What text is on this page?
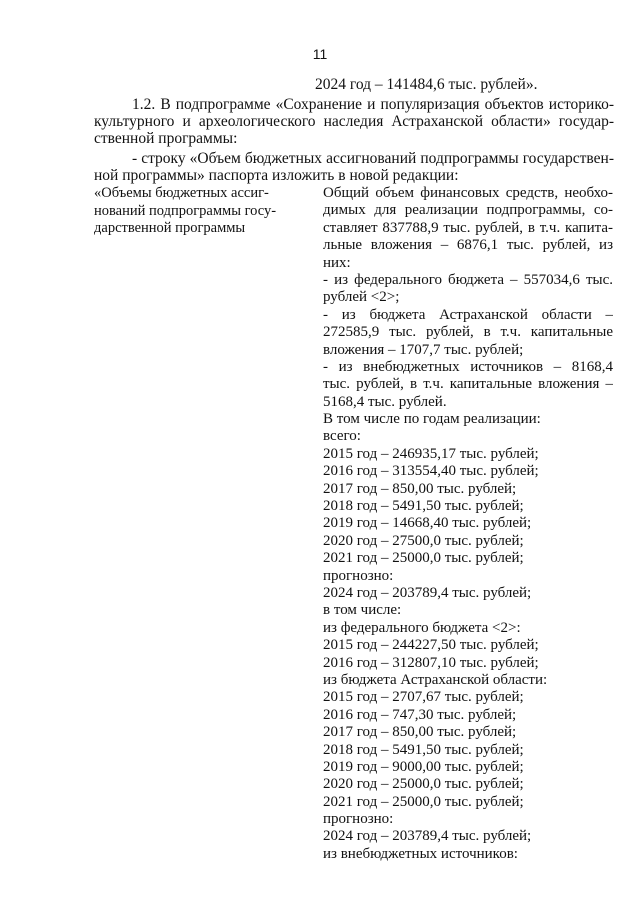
11
2024 год – 141484,6 тыс. рублей».
1.2. В подпрограмме «Сохранение и популяризация объектов историко-
культурного и археологического наследия Астраханской области» государ-
ственной программы:
- строку «Объем бюджетных ассигнований подпрограммы государствен-
ной программы» паспорта изложить в новой редакции:
«Объемы бюджетных ассиг-
нований подпрограммы госу-
дарственной программы
Общий объем финансовых средств, необхо-
димых для реализации подпрограммы, со-
ставляет 837788,9 тыс. рублей, в т.ч. капита-
льные вложения – 6876,1 тыс. рублей, из
них:
- из федерального бюджета – 557034,6 тыс.
рублей <2>;
- из бюджета Астраханской области –
272585,9 тыс. рублей, в т.ч. капитальные
вложения – 1707,7 тыс. рублей;
- из внебюджетных источников – 8168,4
тыс. рублей, в т.ч. капитальные вложения –
5168,4 тыс. рублей.
В том числе по годам реализации:
всего:
2015 год – 246935,17 тыс. рублей;
2016 год – 313554,40 тыс. рублей;
2017 год – 850,00 тыс. рублей;
2018 год – 5491,50 тыс. рублей;
2019 год – 14668,40 тыс. рублей;
2020 год – 27500,0 тыс. рублей;
2021 год – 25000,0 тыс. рублей;
прогнозно:
2024 год – 203789,4 тыс. рублей;
в том числе:
из федерального бюджета <2>:
2015 год – 244227,50 тыс. рублей;
2016 год – 312807,10 тыс. рублей;
из бюджета Астраханской области:
2015 год – 2707,67 тыс. рублей;
2016 год – 747,30 тыс. рублей;
2017 год – 850,00 тыс. рублей;
2018 год – 5491,50 тыс. рублей;
2019 год – 9000,00 тыс. рублей;
2020 год – 25000,0 тыс. рублей;
2021 год – 25000,0 тыс. рублей;
прогнозно:
2024 год – 203789,4 тыс. рублей;
из внебюджетных источников:
